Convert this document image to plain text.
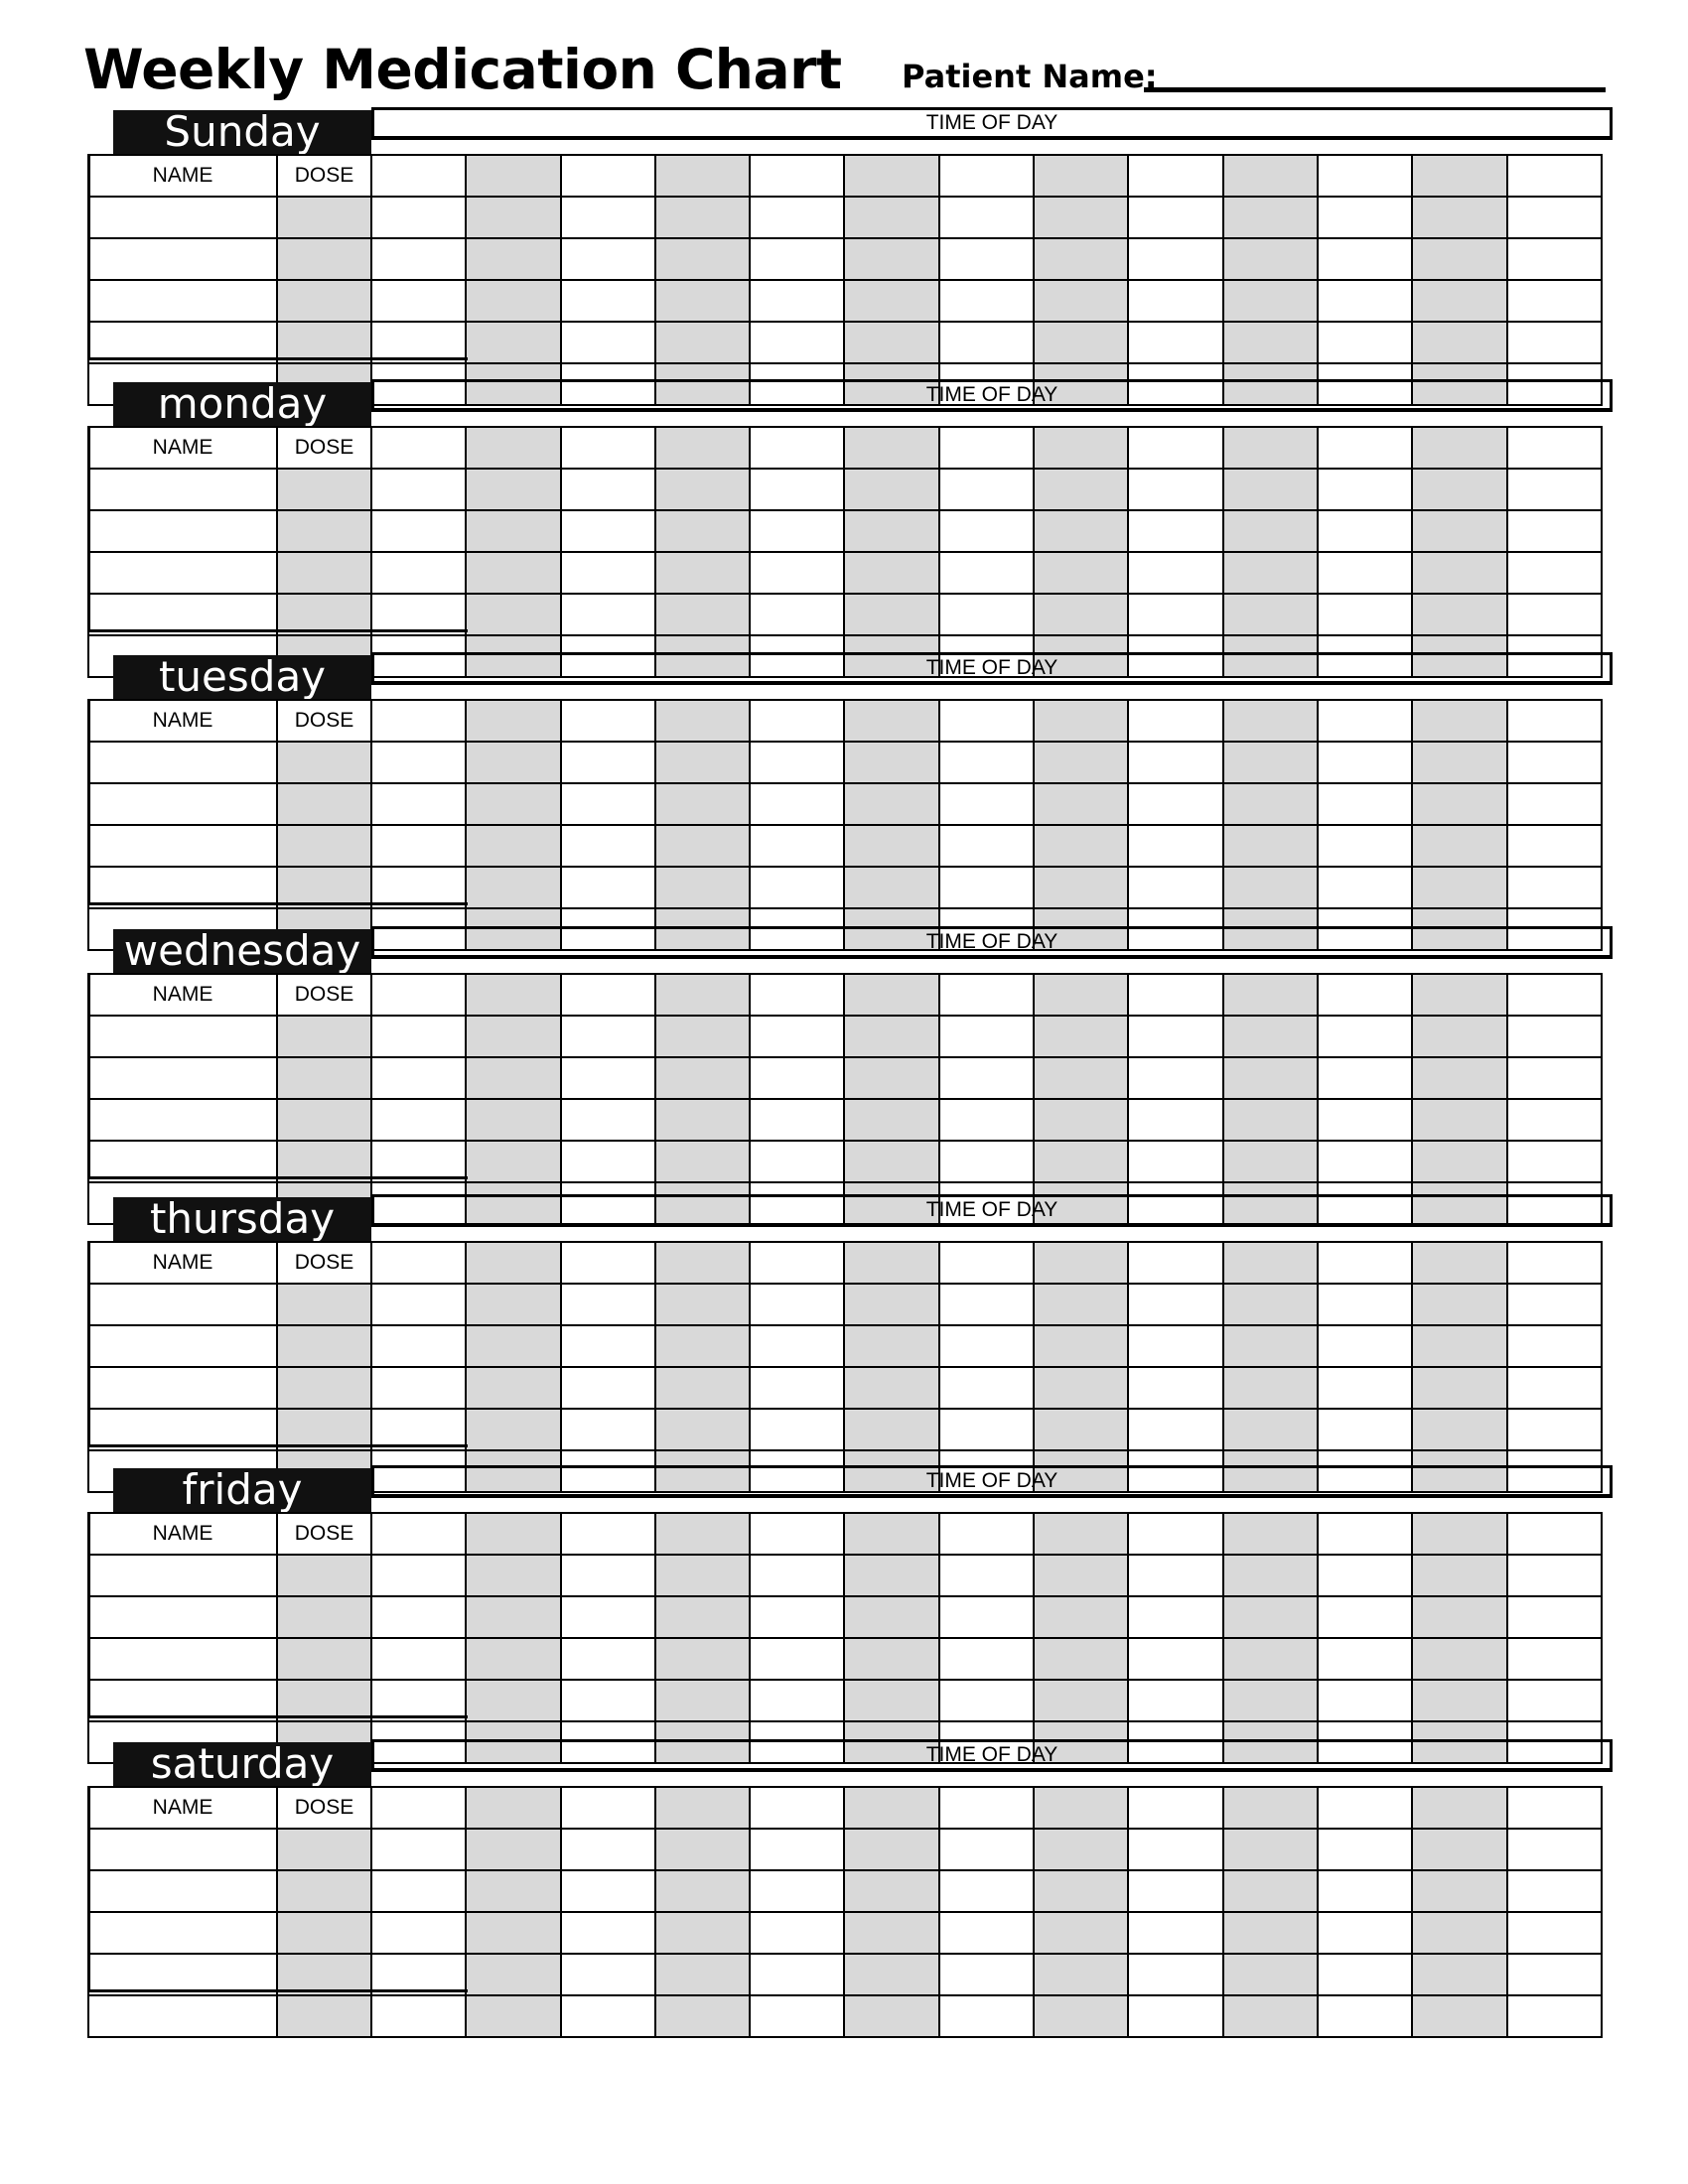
Weekly Medication Chart Patient Name:
Sunday	TIME OF DAY
NAME	DOSE													

monday	TIME OF DAY
NAME	DOSE													

tuesday	TIME OF DAY
NAME	DOSE													

wednesday	TIME OF DAY
NAME	DOSE													

thursday	TIME OF DAY
NAME	DOSE													

friday	TIME OF DAY
NAME	DOSE													

saturday	TIME OF DAY
NAME	DOSE													
